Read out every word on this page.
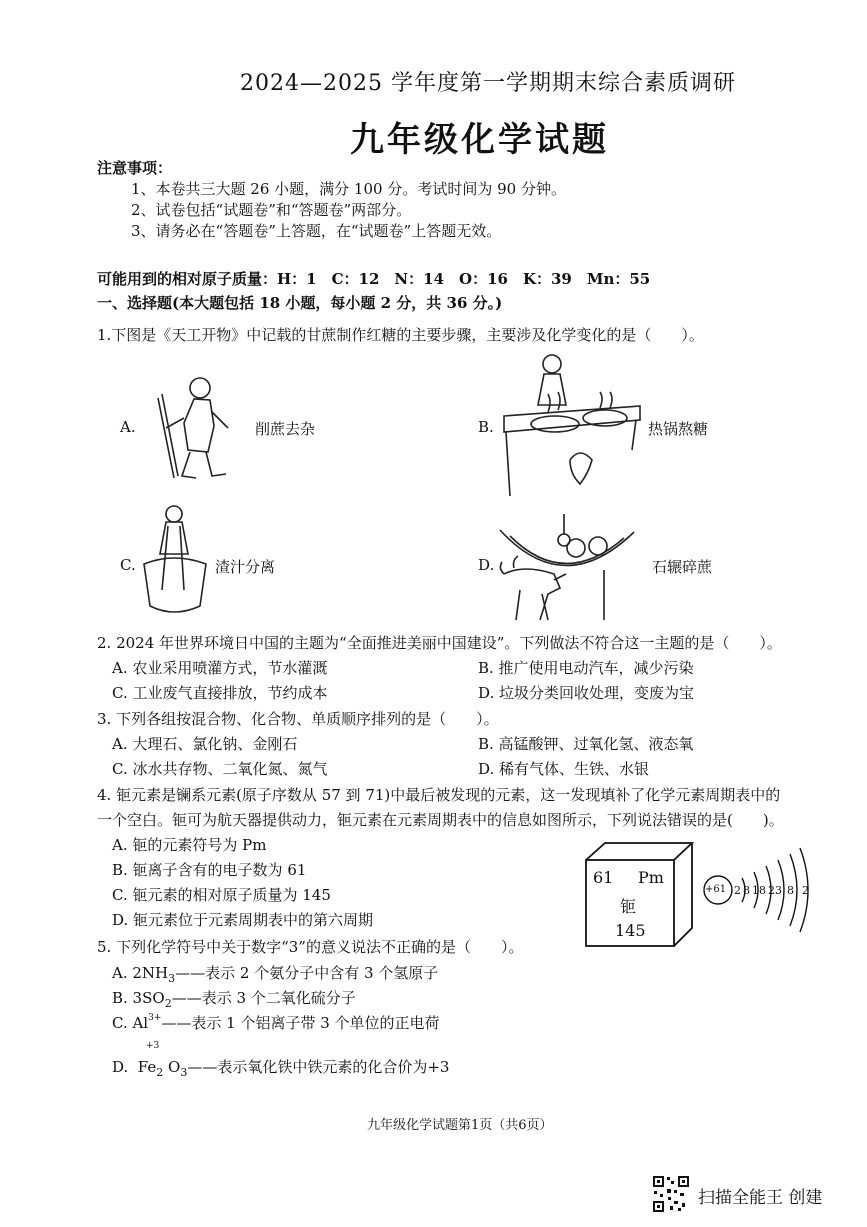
2024—2025 学年度第一学期期末综合素质调研
九年级化学试题
注意事项：
1、本卷共三大题 26 小题，满分 100 分。考试时间为 90 分钟。
2、试卷包括“试题卷”和“答题卷”两部分。
3、请务必在“答题卷”上答题，在“试题卷”上答题无效。
可能用到的相对原子质量：H：1　C：12　N：14　O：16　K：39　Mn：55
一、选择题(本大题包括 18 小题，每小题 2 分，共 36 分。)
1.下图是《天工开物》中记载的甘蔗制作红糖的主要步骤，主要涉及化学变化的是（　　）。
A.	削蔗去杂	B.	热锅熬糖
C.	渣汁分离	D.	石辗碎蔗
2. 2024 年世界环境日中国的主题为“全面推进美丽中国建设”。下列做法不符合这一主题的是（　　）。
A. 农业采用喷灌方式，节水灌溉	B. 推广使用电动汽车，减少污染
C. 工业废气直接排放，节约成本	D. 垃圾分类回收处理，变废为宝
3. 下列各组按混合物、化合物、单质顺序排列的是（　　）。
A. 大理石、氯化钠、金刚石	B. 高锰酸钾、过氧化氢、液态氧
C. 冰水共存物、二氧化氮、氮气	D. 稀有气体、生铁、水银
4. 钷元素是镧系元素(原子序数从 57 到 71)中最后被发现的元素，这一发现填补了化学元素周期表中的
一个空白。钷可为航天器提供动力，钷元素在元素周期表中的信息如图所示，下列说法错误的是(　　)。
A. 钷的元素符号为 Pm
B. 钷离子含有的电子数为 61
C. 钷元素的相对原子质量为 145
D. 钷元素位于元素周期表中的第六周期
61 Pm
钷
145
+61 2 8 18 23 8 2
5. 下列化学符号中关于数字“3”的意义说法不正确的是（　　）。
A. $2NH_3——$表示 2 个氨分子中含有 3 个氢原子
B. $3SO_2——$表示 3 个二氧化硫分子
C. $Al^{3+}——$表示 1 个铝离子带 3 个单位的正电荷
+3
D.  $Fe_2$ $O_3——$表示氧化铁中铁元素的化合价为+3
九年级化学试题第1页（共6页）
扫描全能王 创建
